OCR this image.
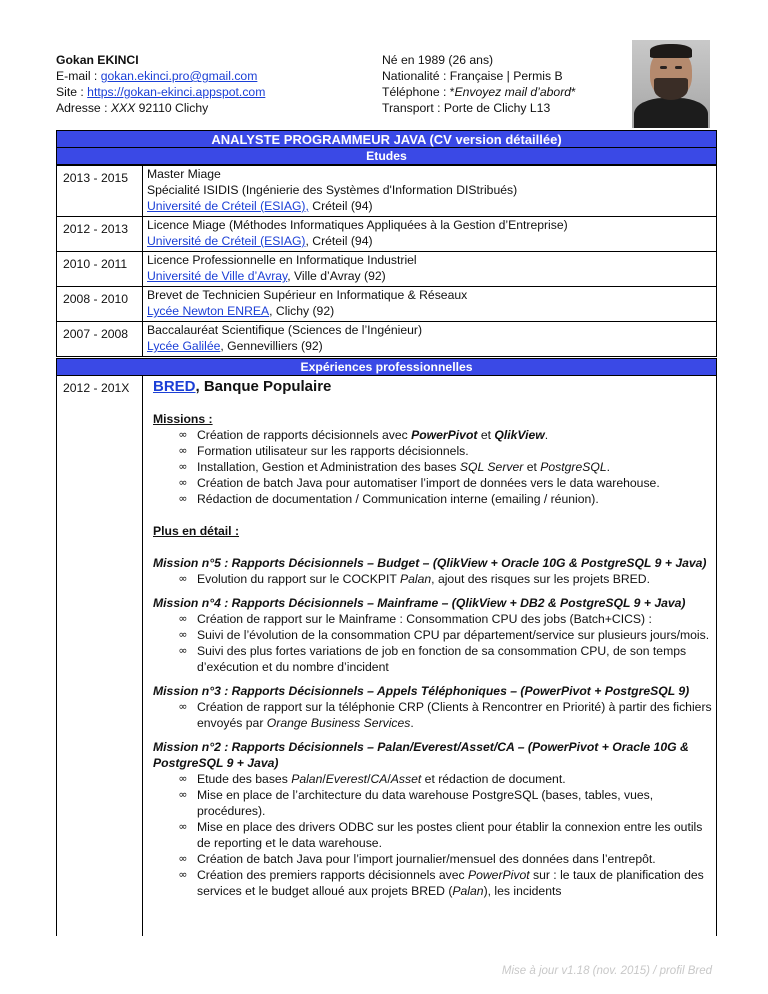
Gokan EKINCI
E-mail : gokan.ekinci.pro@gmail.com
Site : https://gokan-ekinci.appspot.com
Adresse : XXX 92110 Clichy
Né en 1989 (26 ans)
Nationalité : Française | Permis B
Téléphone : *Envoyez mail d’abord*
Transport : Porte de Clichy L13
ANALYSTE PROGRAMMEUR JAVA (CV version détaillée)
Etudes
2013 - 2015	Master Miage
Spécialité ISIDIS (Ingénierie des Systèmes d'Information DIStribués)
Université de Créteil (ESIAG), Créteil (94)
2012 - 2013	Licence Miage (Méthodes Informatiques Appliquées à la Gestion d’Entreprise)
Université de Créteil (ESIAG), Créteil (94)
2010 - 2011	Licence Professionnelle en Informatique Industriel
Université de Ville d’Avray, Ville d’Avray (92)
2008 - 2010	Brevet de Technicien Supérieur en Informatique & Réseaux
Lycée Newton ENREA, Clichy (92)
2007 - 2008	Baccalauréat Scientifique (Sciences de l’Ingénieur)
Lycée Galilée, Gennevilliers (92)
Expériences professionnelles
2012 - 201X	BRED, Banque Populaire
Missions :
∞ Création de rapports décisionnels avec PowerPivot et QlikView.
∞ Formation utilisateur sur les rapports décisionnels.
∞ Installation, Gestion et Administration des bases SQL Server et PostgreSQL.
∞ Création de batch Java pour automatiser l’import de données vers le data warehouse.
∞ Rédaction de documentation / Communication interne (emailing / réunion).
Plus en détail :
Mission n°5 : Rapports Décisionnels – Budget – (QlikView + Oracle 10G & PostgreSQL 9 + Java)
∞ Evolution du rapport sur le COCKPIT Palan, ajout des risques sur les projets BRED.
Mission n°4 : Rapports Décisionnels – Mainframe – (QlikView + DB2 & PostgreSQL 9 + Java)
∞ Création de rapport sur le Mainframe : Consommation CPU des jobs (Batch+CICS) :
∞ Suivi de l’évolution de la consommation CPU par département/service sur plusieurs jours/mois.
∞ Suivi des plus fortes variations de job en fonction de sa consommation CPU, de son temps d’exécution et du nombre d’incident
Mission n°3 : Rapports Décisionnels – Appels Téléphoniques – (PowerPivot + PostgreSQL 9)
∞ Création de rapport sur la téléphonie CRP (Clients à Rencontrer en Priorité) à partir des fichiers envoyés par Orange Business Services.
Mission n°2 : Rapports Décisionnels – Palan/Everest/Asset/CA – (PowerPivot + Oracle 10G & PostgreSQL 9 + Java)
∞ Etude des bases Palan/Everest/CA/Asset et rédaction de document.
∞ Mise en place de l’architecture du data warehouse PostgreSQL (bases, tables, vues, procédures).
∞ Mise en place des drivers ODBC sur les postes client pour établir la connexion entre les outils de reporting et le data warehouse.
∞ Création de batch Java pour l’import journalier/mensuel des données dans l’entrepôt.
∞ Création des premiers rapports décisionnels avec PowerPivot sur : le taux de planification des services et le budget alloué aux projets BRED (Palan), les incidents
Mise à jour v1.18 (nov. 2015) / profil Bred
